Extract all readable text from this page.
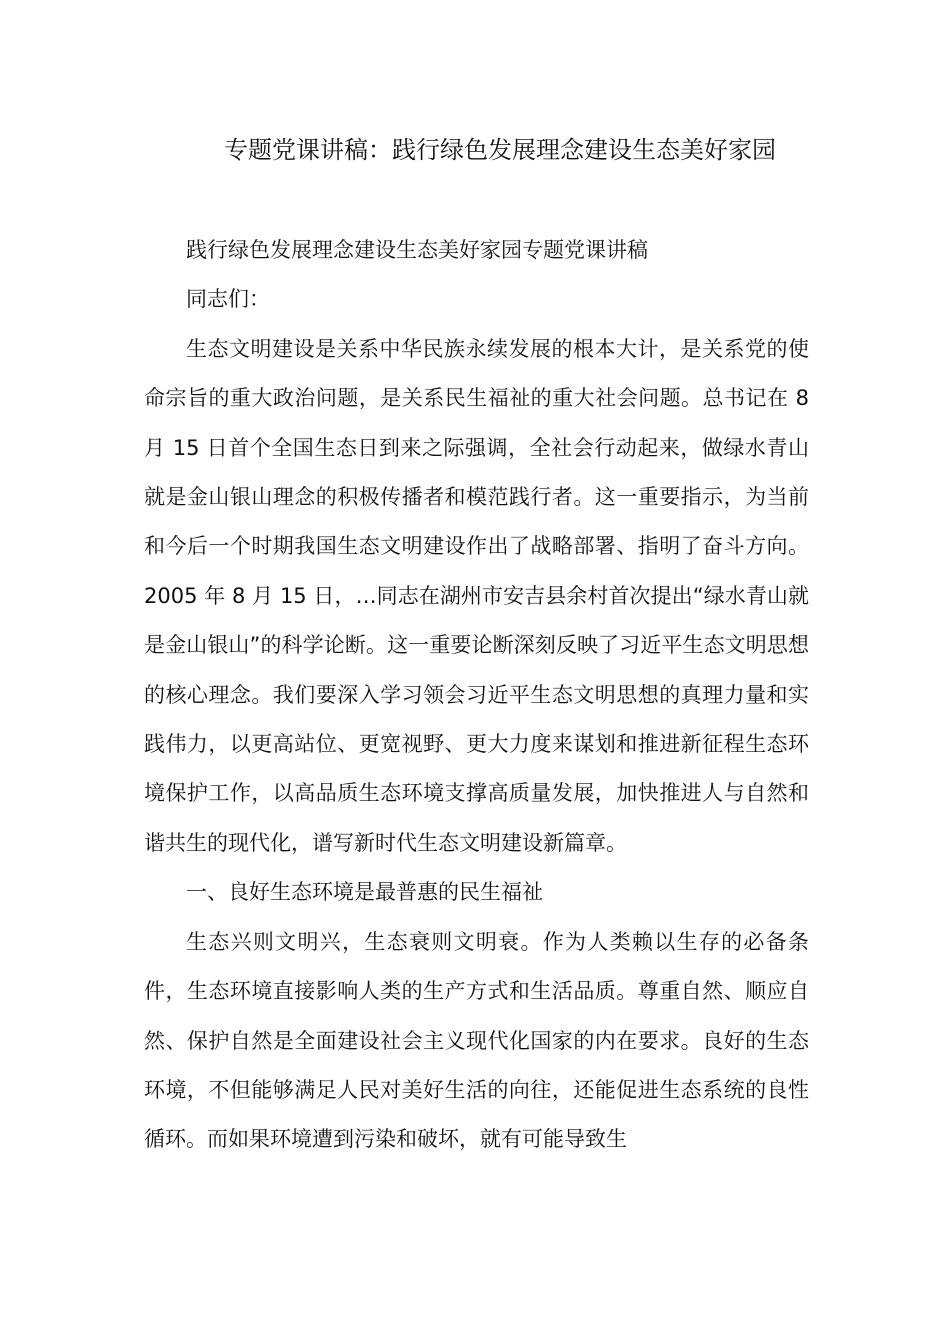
专题党课讲稿：践行绿色发展理念建设生态美好家园

践行绿色发展理念建设生态美好家园专题党课讲稿

同志们：

生态文明建设是关系中华民族永续发展的根本大计，是关系党的使命宗旨的重大政治问题，是关系民生福祉的重大社会问题。总书记在 8 月 15 日首个全国生态日到来之际强调，全社会行动起来，做绿水青山就是金山银山理念的积极传播者和模范践行者。这一重要指示，为当前和今后一个时期我国生态文明建设作出了战略部署、指明了奋斗方向。2005 年 8 月 15 日，…同志在湖州市安吉县余村首次提出“绿水青山就是金山银山”的科学论断。这一重要论断深刻反映了习近平生态文明思想的核心理念。我们要深入学习领会习近平生态文明思想的真理力量和实践伟力，以更高站位、更宽视野、更大力度来谋划和推进新征程生态环境保护工作，以高品质生态环境支撑高质量发展，加快推进人与自然和谐共生的现代化，谱写新时代生态文明建设新篇章。

一、良好生态环境是最普惠的民生福祉

生态兴则文明兴，生态衰则文明衰。作为人类赖以生存的必备条件，生态环境直接影响人类的生产方式和生活品质。尊重自然、顺应自然、保护自然是全面建设社会主义现代化国家的内在要求。良好的生态环境，不但能够满足人民对美好生活的向往，还能促进生态系统的良性循环。而如果环境遭到污染和破坏，就有可能导致生
